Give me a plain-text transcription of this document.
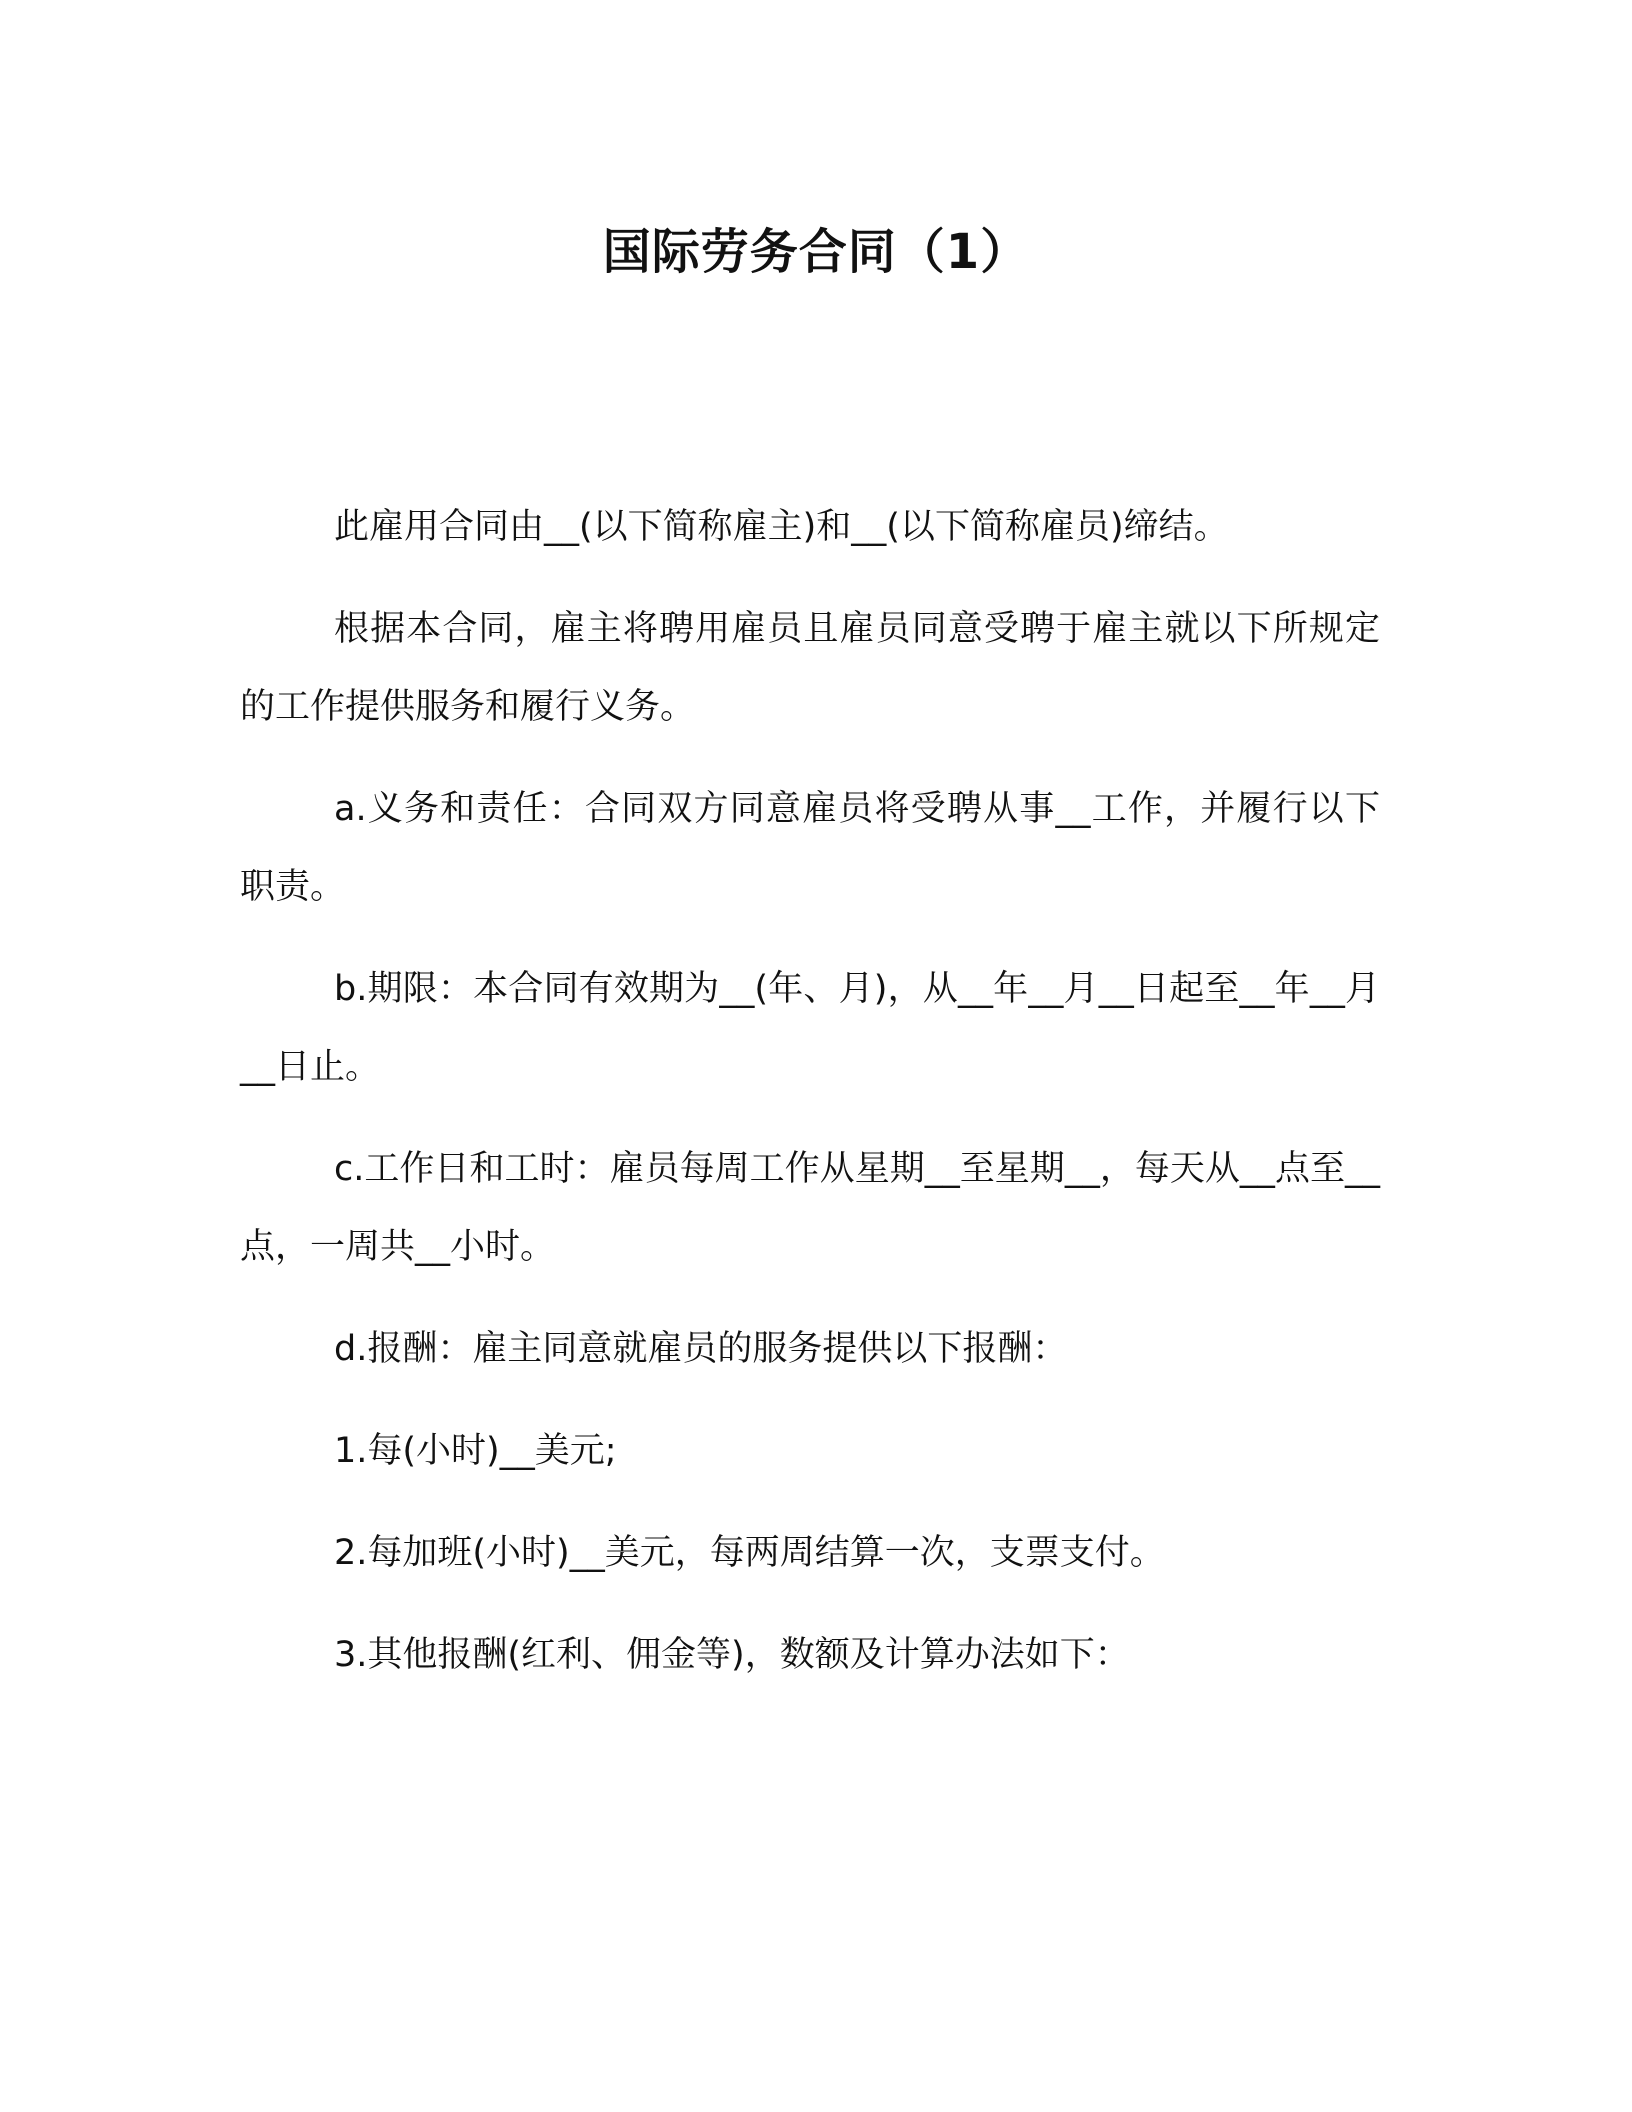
国际劳务合同（1）

此雇用合同由__(以下简称雇主)和__(以下简称雇员)缔结。

根据本合同，雇主将聘用雇员且雇员同意受聘于雇主就以下所规定的工作提供服务和履行义务。

a.义务和责任：合同双方同意雇员将受聘从事__工作，并履行以下职责。

b.期限：本合同有效期为__(年、月)，从__年__月__日起至__年__月__日止。

c.工作日和工时：雇员每周工作从星期__至星期__，每天从__点至__点，一周共__小时。

d.报酬：雇主同意就雇员的服务提供以下报酬：

1.每(小时)__美元;

2.每加班(小时)__美元，每两周结算一次，支票支付。

3.其他报酬(红利、佣金等)，数额及计算办法如下：
